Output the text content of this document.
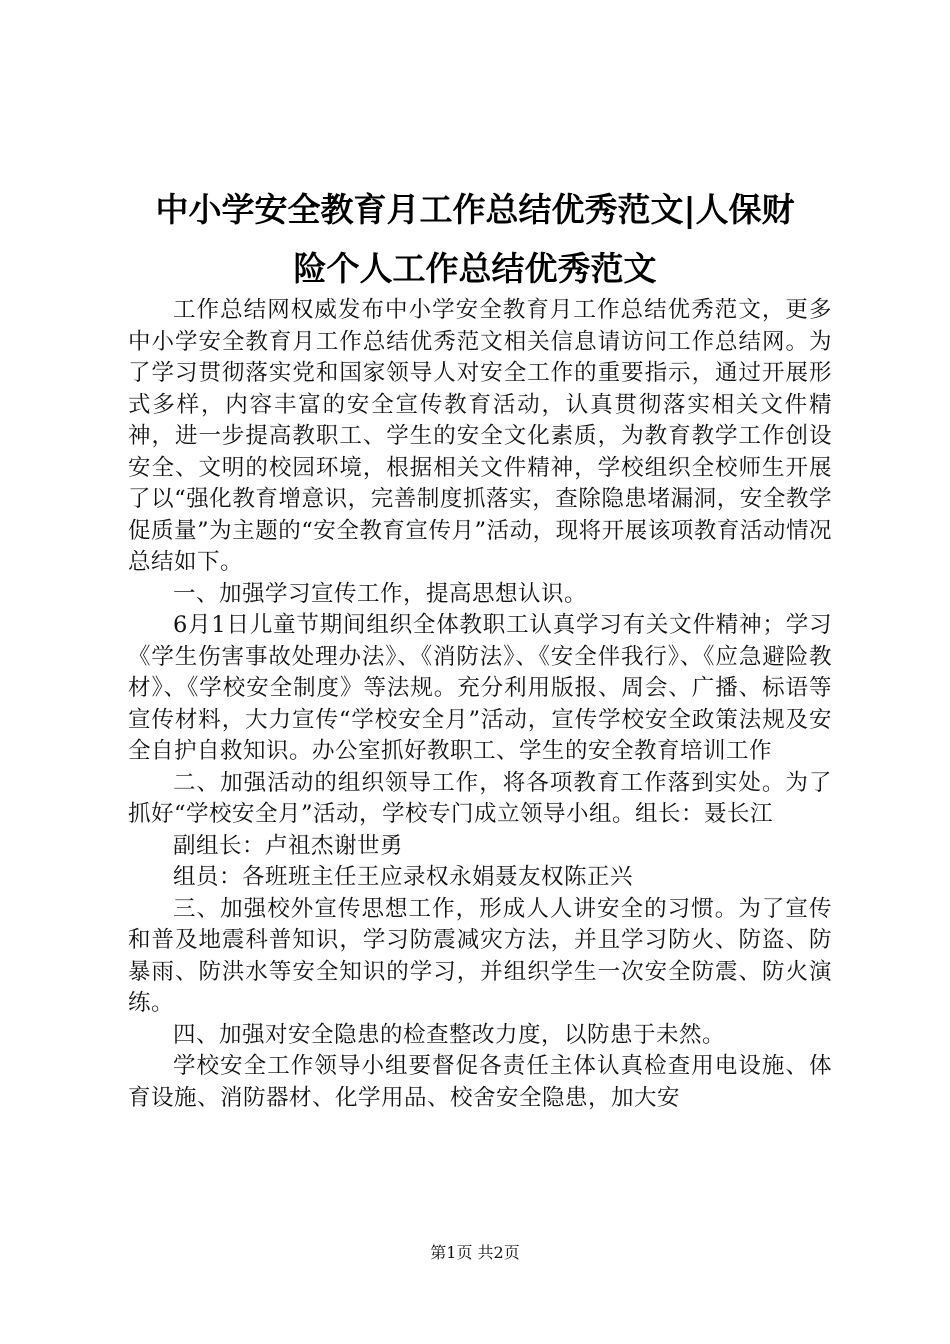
中小学安全教育月工作总结优秀范文|人保财
险个人工作总结优秀范文

工作总结网权威发布中小学安全教育月工作总结优秀范文，更多中小学安全教育月工作总结优秀范文相关信息请访问工作总结网。为了学习贯彻落实党和国家领导人对安全工作的重要指示，通过开展形式多样，内容丰富的安全宣传教育活动，认真贯彻落实相关文件精神，进一步提高教职工、学生的安全文化素质，为教育教学工作创设安全、文明的校园环境，根据相关文件精神，学校组织全校师生开展了以“强化教育增意识，完善制度抓落实，查除隐患堵漏洞，安全教学促质量”为主题的“安全教育宣传月”活动，现将开展该项教育活动情况总结如下。

一、加强学习宣传工作，提高思想认识。

6月1日儿童节期间组织全体教职工认真学习有关文件精神；学习《学生伤害事故处理办法》、《消防法》、《安全伴我行》、《应急避险教材》、《学校安全制度》等法规。充分利用版报、周会、广播、标语等宣传材料，大力宣传“学校安全月”活动，宣传学校安全政策法规及安全自护自救知识。办公室抓好教职工、学生的安全教育培训工作

二、加强活动的组织领导工作，将各项教育工作落到实处。为了抓好“学校安全月”活动，学校专门成立领导小组。组长：聂长江

副组长：卢祖杰谢世勇

组员：各班班主任王应录权永娟聂友权陈正兴

三、加强校外宣传思想工作，形成人人讲安全的习惯。为了宣传和普及地震科普知识，学习防震减灾方法，并且学习防火、防盗、防暴雨、防洪水等安全知识的学习，并组织学生一次安全防震、防火演练。

四、加强对安全隐患的检查整改力度，以防患于未然。

学校安全工作领导小组要督促各责任主体认真检查用电设施、体育设施、消防器材、化学用品、校舍安全隐患，加大安

第1页 共2页
